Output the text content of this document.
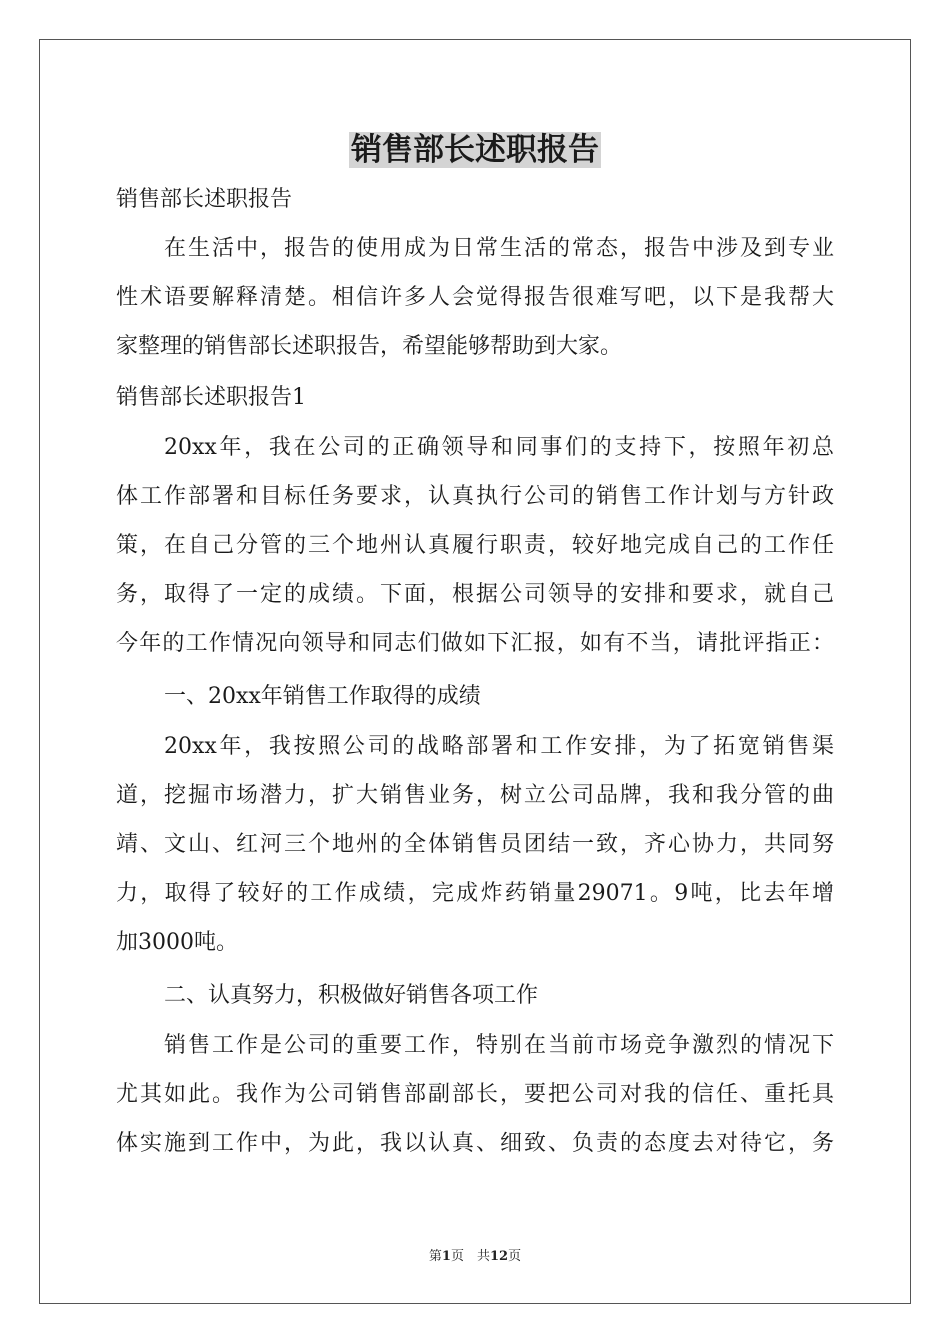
销售部长述职报告

销售部长述职报告

在生活中，报告的使用成为日常生活的常态，报告中涉及到专业
性术语要解释清楚。相信许多人会觉得报告很难写吧，以下是我帮大
家整理的销售部长述职报告，希望能够帮助到大家。

销售部长述职报告1

20xx年，我在公司的正确领导和同事们的支持下，按照年初总
体工作部署和目标任务要求，认真执行公司的销售工作计划与方针政
策，在自己分管的三个地州认真履行职责，较好地完成自己的工作任
务，取得了一定的成绩。下面，根据公司领导的安排和要求，就自己
今年的工作情况向领导和同志们做如下汇报，如有不当，请批评指正：

一、20xx年销售工作取得的成绩

20xx年，我按照公司的战略部署和工作安排，为了拓宽销售渠
道，挖掘市场潜力，扩大销售业务，树立公司品牌，我和我分管的曲
靖、文山、红河三个地州的全体销售员团结一致，齐心协力，共同努
力，取得了较好的工作成绩，完成炸药销量29071。9吨，比去年增
加3000吨。

二、认真努力，积极做好销售各项工作

销售工作是公司的重要工作，特别在当前市场竞争激烈的情况下
尤其如此。我作为公司销售部副部长，要把公司对我的信任、重托具
体实施到工作中，为此，我以认真、细致、负责的态度去对待它，务

第1页　共12页
